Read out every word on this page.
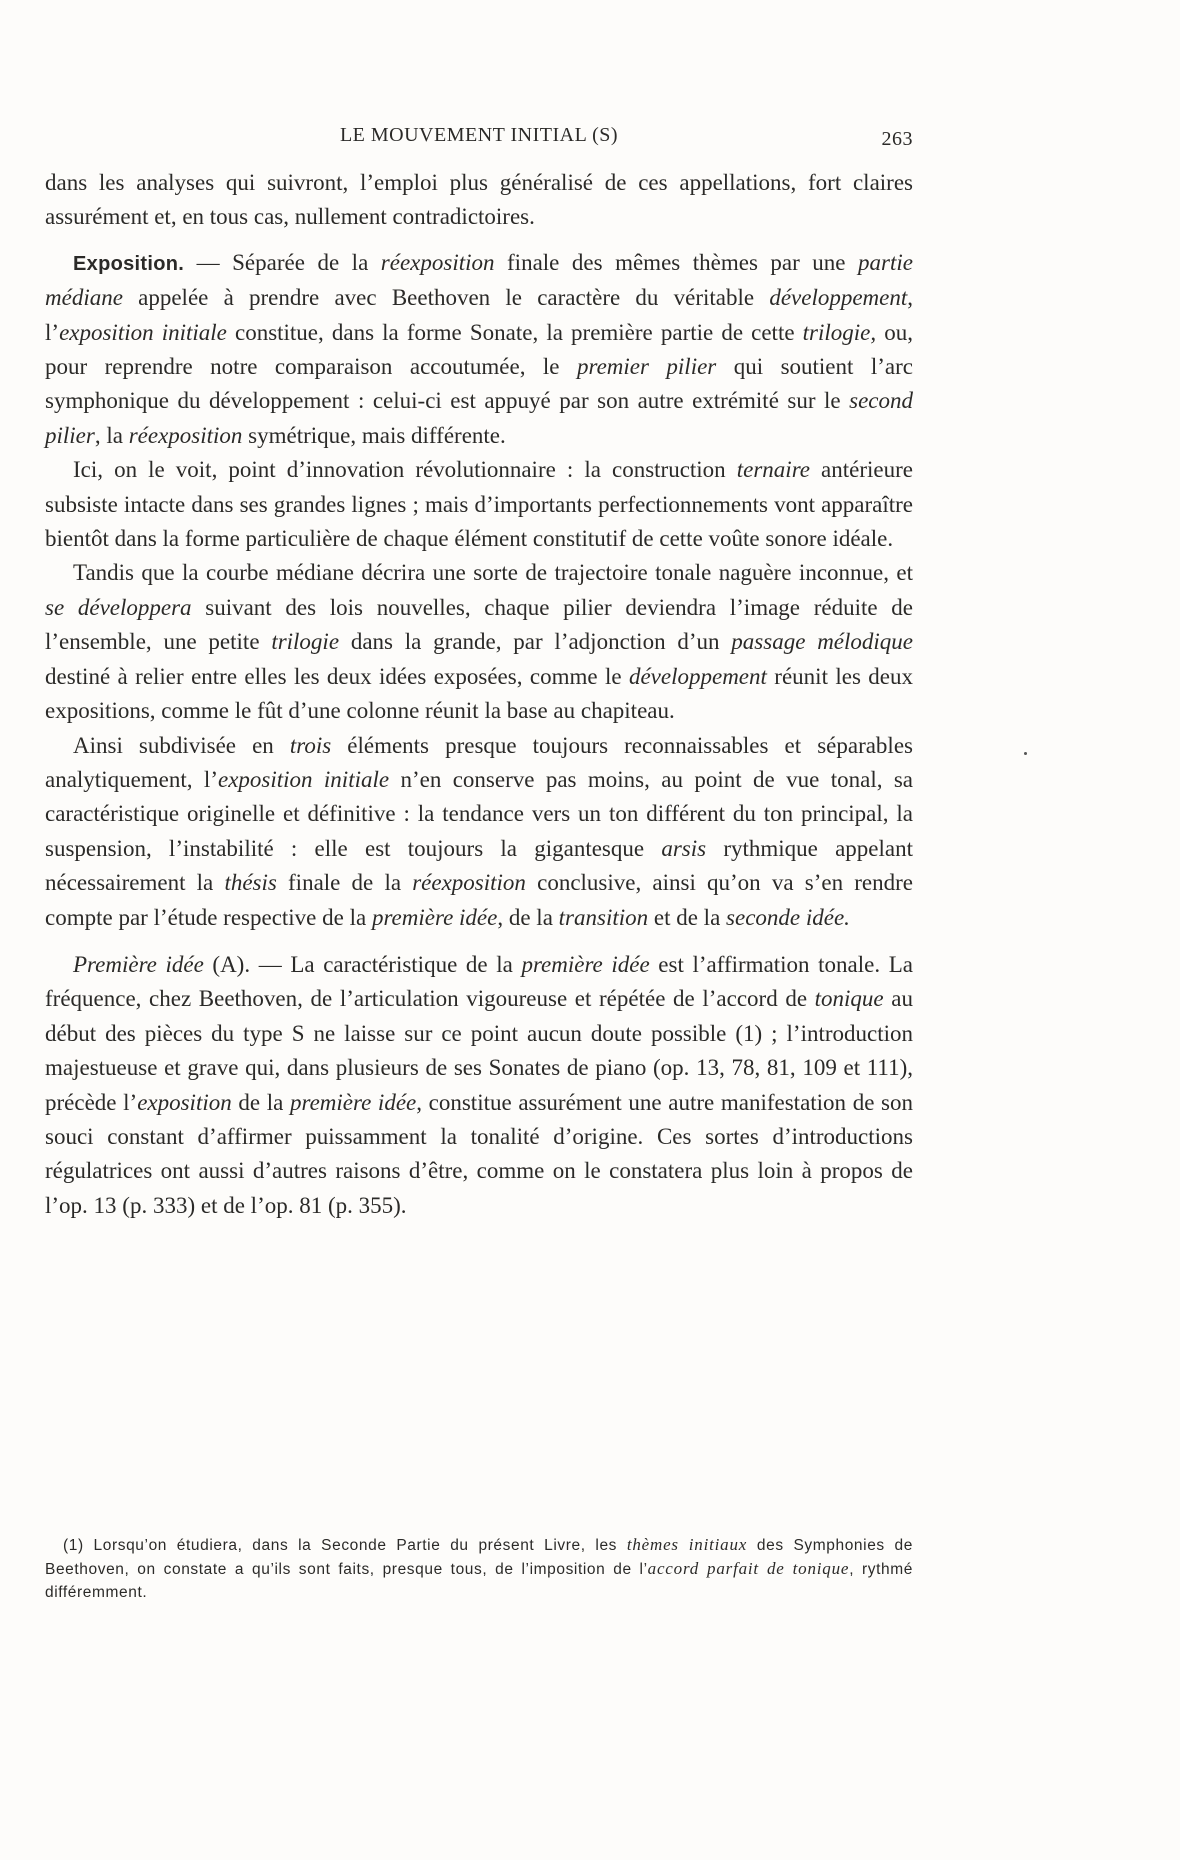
LE MOUVEMENT INITIAL (S)	263

dans les analyses qui suivront, l’emploi plus généralisé de ces appellations, fort claires assurément et, en tous cas, nullement contradictoires.

Exposition. — Séparée de la réexposition finale des mêmes thèmes par une partie médiane appelée à prendre avec Beethoven le caractère du véritable développement, l’exposition initiale constitue, dans la forme Sonate, la première partie de cette trilogie, ou, pour reprendre notre comparaison accoutumée, le premier pilier qui soutient l’arc symphonique du développement : celui-ci est appuyé par son autre extrémité sur le second pilier, la réexposition symétrique, mais différente.

Ici, on le voit, point d’innovation révolutionnaire : la construction ternaire antérieure subsiste intacte dans ses grandes lignes ; mais d’importants perfectionnements vont apparaître bientôt dans la forme particulière de chaque élément constitutif de cette voûte sonore idéale.

Tandis que la courbe médiane décrira une sorte de trajectoire tonale naguère inconnue, et se développera suivant des lois nouvelles, chaque pilier deviendra l’image réduite de l’ensemble, une petite trilogie dans la grande, par l’adjonction d’un passage mélodique destiné à relier entre elles les deux idées exposées, comme le développement réunit les deux expositions, comme le fût d’une colonne réunit la base au chapiteau.

Ainsi subdivisée en trois éléments presque toujours reconnaissables et séparables analytiquement, l’exposition initiale n’en conserve pas moins, au point de vue tonal, sa caractéristique originelle et définitive : la tendance vers un ton différent du ton principal, la suspension, l’instabilité : elle est toujours la gigantesque arsis rythmique appelant nécessairement la thésis finale de la réexposition conclusive, ainsi qu’on va s’en rendre compte par l’étude respective de la première idée, de la transition et de la seconde idée.

Première idée (A). — La caractéristique de la première idée est l’affirmation tonale. La fréquence, chez Beethoven, de l’articulation vigoureuse et répétée de l’accord de tonique au début des pièces du type S ne laisse sur ce point aucun doute possible (1) ; l’introduction majestueuse et grave qui, dans plusieurs de ses Sonates de piano (op. 13, 78, 81, 109 et 111), précède l’exposition de la première idée, constitue assurément une autre manifestation de son souci constant d’affirmer puissamment la tonalité d’origine. Ces sortes d’introductions régulatrices ont aussi d’autres raisons d’être, comme on le constatera plus loin à propos de l’op. 13 (p. 333) et de l’op. 81 (p. 355).

(1) Lorsqu’on étudiera, dans la Seconde Partie du présent Livre, les thèmes initiaux des Symphonies de Beethoven, on constate a qu’ils sont faits, presque tous, de l’imposition de l’accord parfait de tonique, rythmé différemment.
